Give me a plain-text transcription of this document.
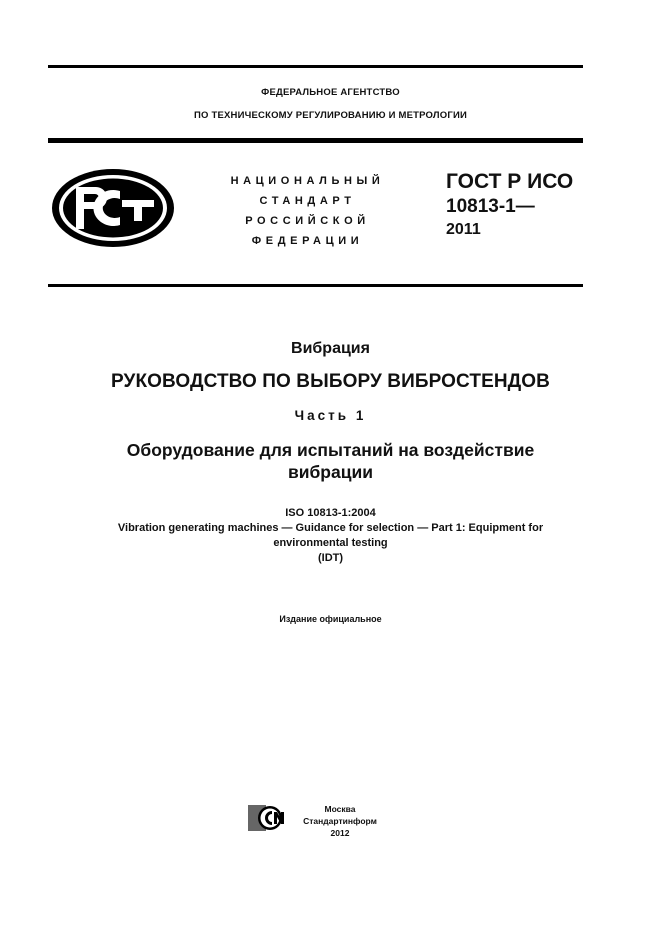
ФЕДЕРАЛЬНОЕ АГЕНТСТВО
ПО ТЕХНИЧЕСКОМУ РЕГУЛИРОВАНИЮ И МЕТРОЛОГИИ
НАЦИОНАЛЬНЫЙ
СТАНДАРТ
РОССИЙСКОЙ
ФЕДЕРАЦИИ
ГОСТ Р ИСО
10813-1—
2011
Вибрация
РУКОВОДСТВО ПО ВЫБОРУ ВИБРОСТЕНДОВ
Часть 1
Оборудование для испытаний на воздействие
вибрации
ISO 10813-1:2004
Vibration generating machines — Guidance for selection — Part 1: Equipment for
environmental testing
(IDT)
Издание официальное
Москва
Стандартинформ
2012
